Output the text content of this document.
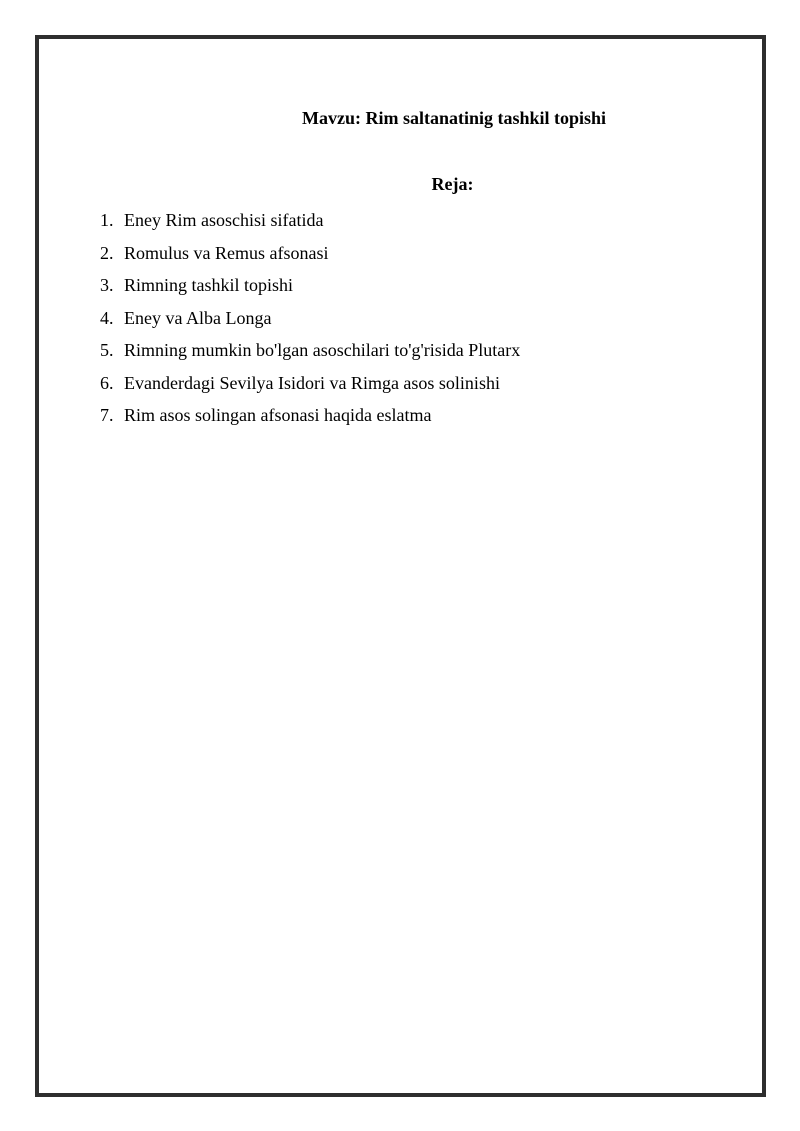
Mavzu: Rim saltanatinig tashkil topishi
Reja:
1. Eney Rim asoschisi sifatida
2. Romulus va Remus afsonasi
3. Rimning tashkil topishi
4. Eney va Alba Longa
5. Rimning mumkin bo'lgan asoschilari to'g'risida Plutarx
6. Evanderdagi Sevilya Isidori va Rimga asos solinishi
7. Rim asos solingan afsonasi haqida eslatma
